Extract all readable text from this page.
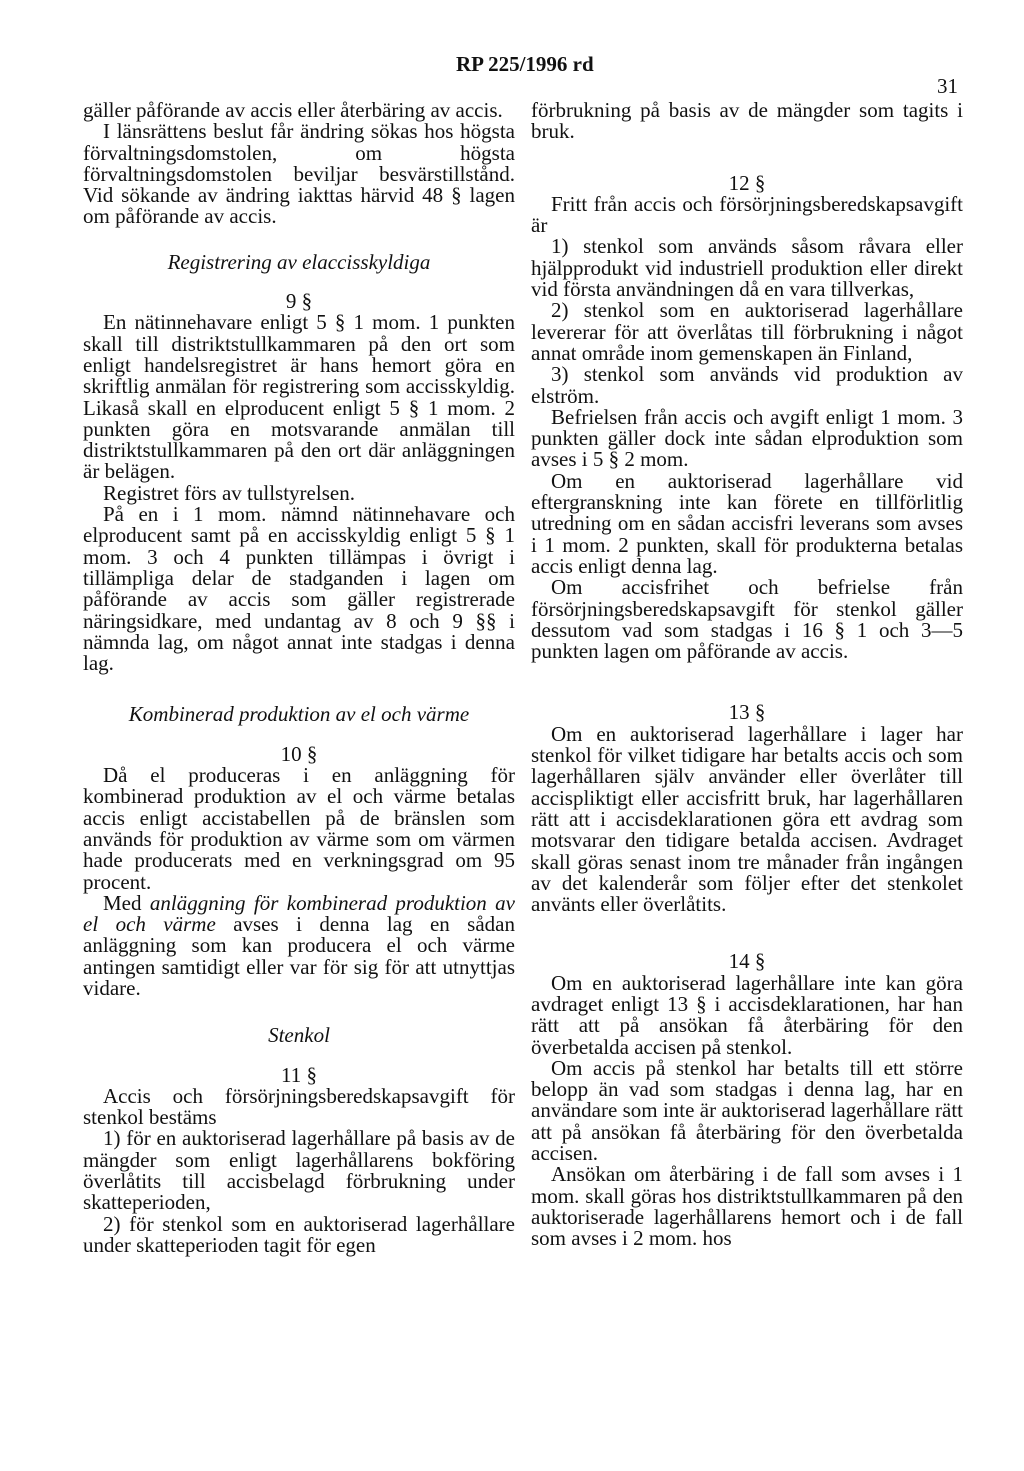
RP 225/1996 rd
31

gäller påförande av accis eller återbäring av accis.

I länsrättens beslut får ändring sökas hos högsta förvaltningsdomstolen, om högsta förvaltningsdomstolen beviljar besvärstillstånd. Vid sökande av ändring iakttas härvid 48 § lagen om påförande av accis.

Registrering av elaccisskyldiga
9 §

En nätinnehavare enligt 5 § 1 mom. 1 punkten skall till distriktstullkammaren på den ort som enligt handelsregistret är hans hemort göra en skriftlig anmälan för registrering som accisskyldig. Likaså skall en elproducent enligt 5 § 1 mom. 2 punkten göra en motsvarande anmälan till distriktstullkammaren på den ort där anläggningen är belägen.

Registret förs av tullstyrelsen.

På en i 1 mom. nämnd nätinnehavare och elproducent samt på en accisskyldig enligt 5 § 1 mom. 3 och 4 punkten tillämpas i övrigt i tillämpliga delar de stadganden i lagen om påförande av accis som gäller registrerade näringsidkare, med undantag av 8 och 9 §§ i nämnda lag, om något annat inte stadgas i denna lag.

Kombinerad produktion av el och värme
10 §

Då el produceras i en anläggning för kombinerad produktion av el och värme betalas accis enligt accistabellen på de bränslen som används för produktion av värme som om värmen hade producerats med en verkningsgrad om 95 procent.

Med anläggning för kombinerad produktion av el och värme avses i denna lag en sådan anläggning som kan producera el och värme antingen samtidigt eller var för sig för att utnyttjas vidare.

Stenkol
11 §

Accis och försörjningsberedskapsavgift för stenkol bestäms

1) för en auktoriserad lagerhållare på basis av de mängder som enligt lagerhållarens bokföring överlåtits till accisbelagd förbrukning under skatteperioden,

2) för stenkol som en auktoriserad lagerhållare under skatteperioden tagit för egen

förbrukning på basis av de mängder som tagits i bruk.

12 §

Fritt från accis och försörjningsberedskapsavgift är

1) stenkol som används såsom råvara eller hjälpprodukt vid industriell produktion eller direkt vid första användningen då en vara tillverkas,

2) stenkol som en auktoriserad lagerhållare levererar för att överlåtas till förbrukning i något annat område inom gemenskapen än Finland,

3) stenkol som används vid produktion av elström.

Befrielsen från accis och avgift enligt 1 mom. 3 punkten gäller dock inte sådan elproduktion som avses i 5 § 2 mom.

Om en auktoriserad lagerhållare vid eftergranskning inte kan förete en tillförlitlig utredning om en sådan accisfri leverans som avses i 1 mom. 2 punkten, skall för produkterna betalas accis enligt denna lag.

Om accisfrihet och befrielse från försörjningsberedskapsavgift för stenkol gäller dessutom vad som stadgas i 16 § 1 och 3—5 punkten lagen om påförande av accis.

13 §

Om en auktoriserad lagerhållare i lager har stenkol för vilket tidigare har betalts accis och som lagerhållaren själv använder eller överlåter till accispliktigt eller accisfritt bruk, har lagerhållaren rätt att i accisdeklarationen göra ett avdrag som motsvarar den tidigare betalda accisen. Avdraget skall göras senast inom tre månader från ingången av det kalenderår som följer efter det stenkolet använts eller överlåtits.

14 §

Om en auktoriserad lagerhållare inte kan göra avdraget enligt 13 § i accisdeklarationen, har han rätt att på ansökan få återbäring för den överbetalda accisen på stenkol.

Om accis på stenkol har betalts till ett större belopp än vad som stadgas i denna lag, har en användare som inte är auktoriserad lagerhållare rätt att på ansökan få återbäring för den överbetalda accisen.

Ansökan om återbäring i de fall som avses i 1 mom. skall göras hos distriktstullkammaren på den auktoriserade lagerhållarens hemort och i de fall som avses i 2 mom. hos
